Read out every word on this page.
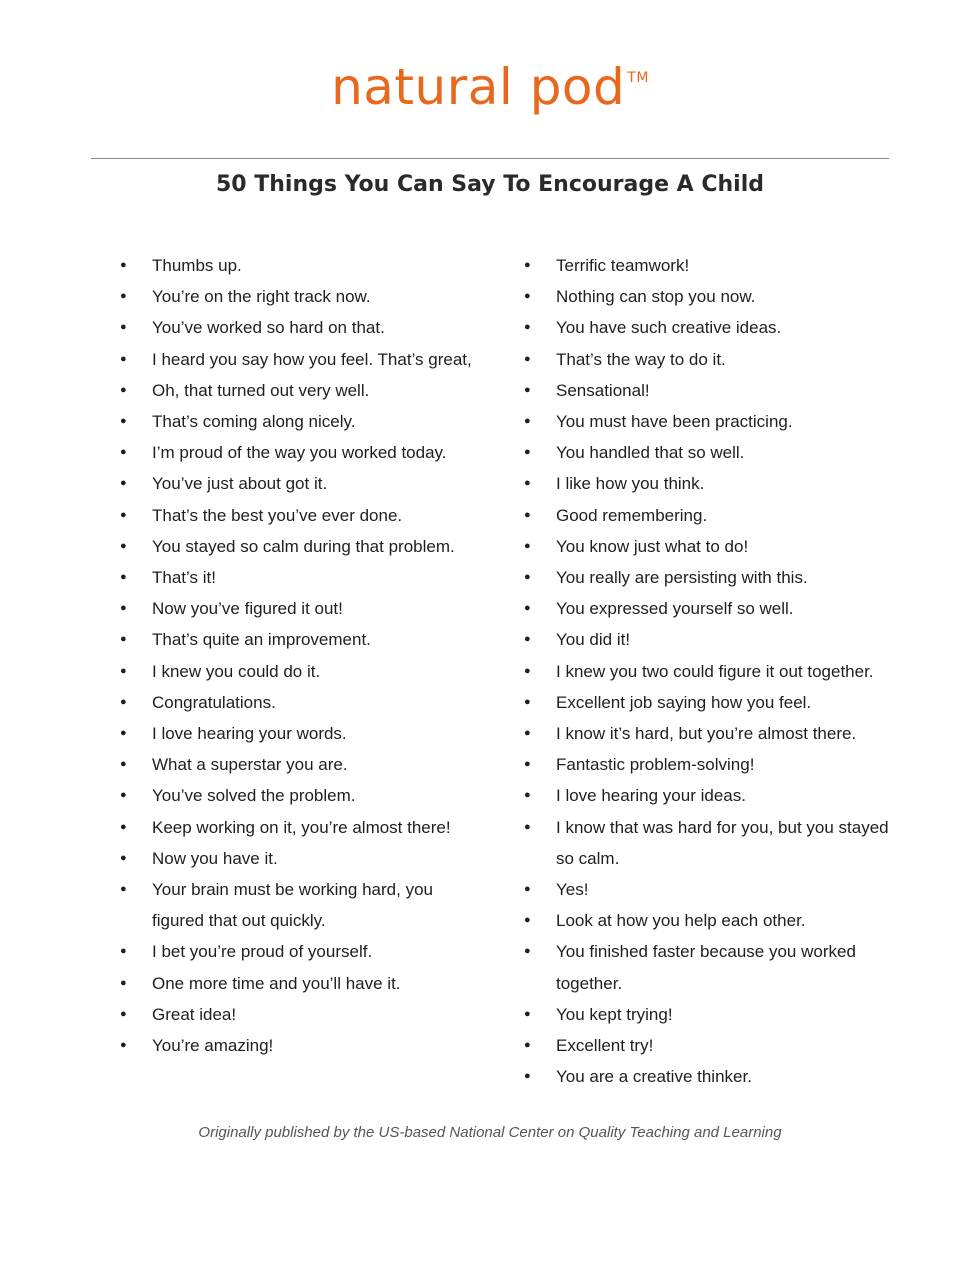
natural pod ™
50 Things You Can Say To Encourage A Child
● Thumbs up.
● You’re on the right track now.
● You’ve worked so hard on that.
● I heard you say how you feel. That’s great,
● Oh, that turned out very well.
● That’s coming along nicely.
● I’m proud of the way you worked today.
● You’ve just about got it.
● That’s the best you’ve ever done.
● You stayed so calm during that problem.
● That’s it!
● Now you’ve figured it out!
● That’s quite an improvement.
● I knew you could do it.
● Congratulations.
● I love hearing your words.
● What a superstar you are.
● You’ve solved the problem.
● Keep working on it, you’re almost there!
● Now you have it.
● Your brain must be working hard, you figured that out quickly.
● I bet you’re proud of yourself.
● One more time and you’ll have it.
● Great idea!
● You’re amazing!
● Terrific teamwork!
● Nothing can stop you now.
● You have such creative ideas.
● That’s the way to do it.
● Sensational!
● You must have been practicing.
● You handled that so well.
● I like how you think.
● Good remembering.
● You know just what to do!
● You really are persisting with this.
● You expressed yourself so well.
● You did it!
● I knew you two could figure it out together.
● Excellent job saying how you feel.
● I know it’s hard, but you’re almost there.
● Fantastic problem-solving!
● I love hearing your ideas.
● I know that was hard for you, but you stayed so calm.
● Yes!
● Look at how you help each other.
● You finished faster because you worked together.
● You kept trying!
● Excellent try!
● You are a creative thinker.
Originally published by the US-based National Center on Quality Teaching and Learning
